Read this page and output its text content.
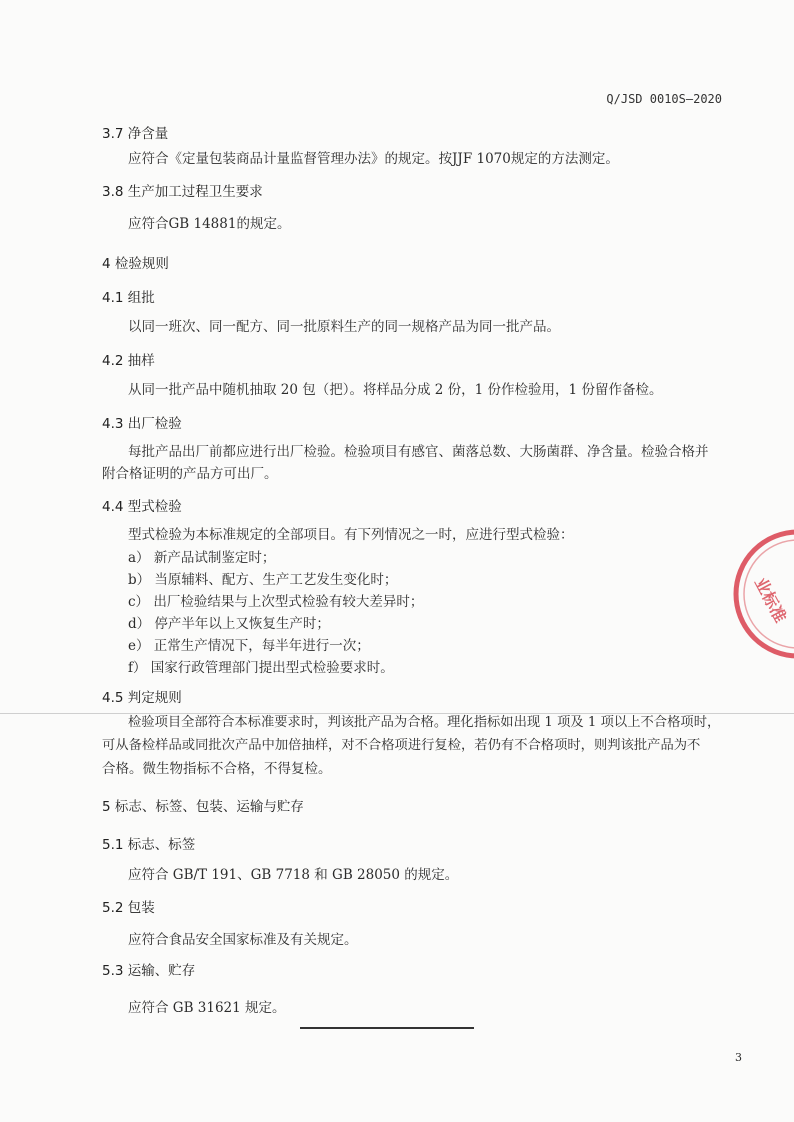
Q/JSD 0010S—2020
3.7 净含量
应符合《定量包装商品计量监督管理办法》的规定。按JJF 1070规定的方法测定。
3.8 生产加工过程卫生要求
应符合GB 14881的规定。
4 检验规则
4.1 组批
以同一班次、同一配方、同一批原料生产的同一规格产品为同一批产品。
4.2 抽样
从同一批产品中随机抽取 20 包（把）。将样品分成 2 份，1 份作检验用，1 份留作备检。
4.3 出厂检验
每批产品出厂前都应进行出厂检验。检验项目有感官、菌落总数、大肠菌群、净含量。检验合格并
附合格证明的产品方可出厂。
4.4 型式检验
型式检验为本标准规定的全部项目。有下列情况之一时，应进行型式检验：
a） 新产品试制鉴定时；
b） 当原辅料、配方、生产工艺发生变化时；
c） 出厂检验结果与上次型式检验有较大差异时；
d） 停产半年以上又恢复生产时；
e） 正常生产情况下，每半年进行一次；
f） 国家行政管理部门提出型式检验要求时。
4.5 判定规则
检验项目全部符合本标准要求时，判该批产品为合格。理化指标如出现 1 项及 1 项以上不合格项时，
可从备检样品或同批次产品中加倍抽样，对不合格项进行复检，若仍有不合格项时，则判该批产品为不
合格。微生物指标不合格，不得复检。
5 标志、标签、包装、运输与贮存
5.1 标志、标签
应符合 GB/T 191、GB 7718 和 GB 28050 的规定。
5.2 包装
应符合食品安全国家标准及有关规定。
5.3 运输、贮存
应符合 GB 31621 规定。
3
业标准
